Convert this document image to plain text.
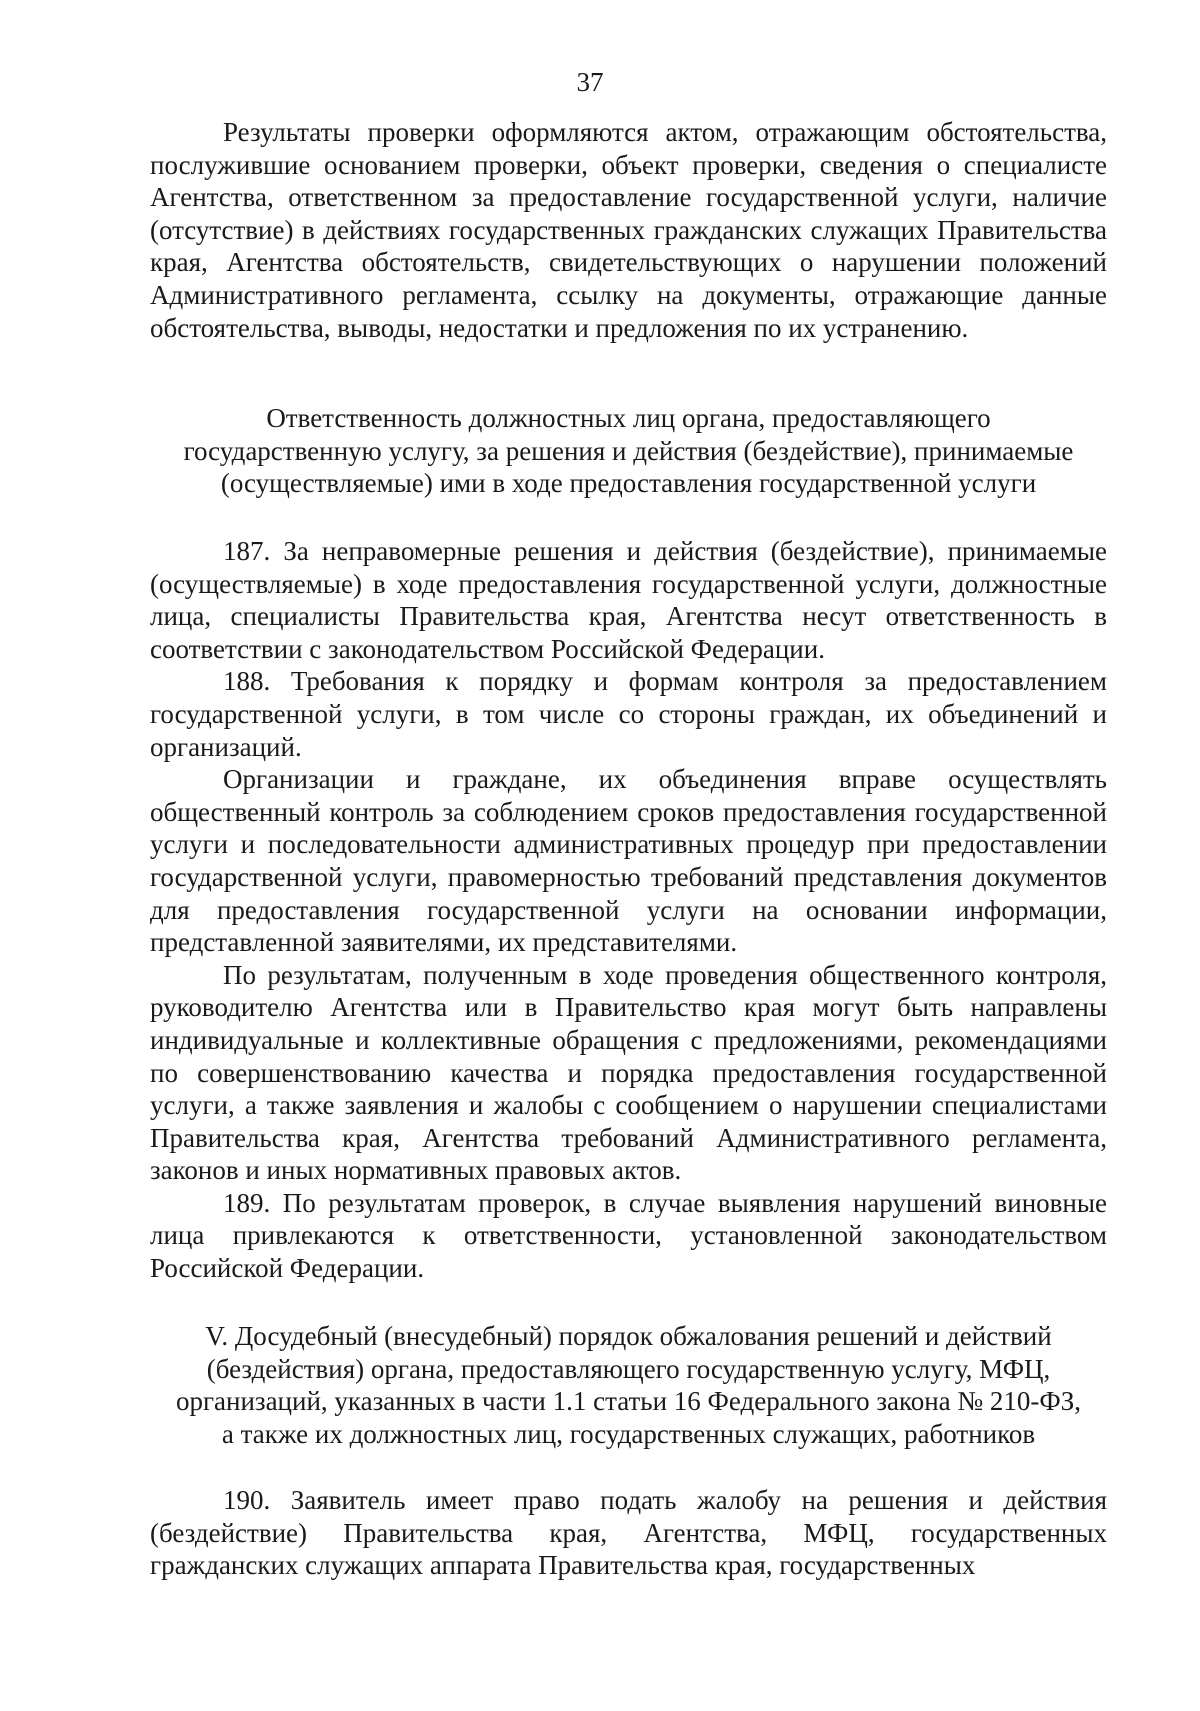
37

Результаты проверки оформляются актом, отражающим обстоятельства, послужившие основанием проверки, объект проверки, сведения о специалисте Агентства, ответственном за предоставление государственной услуги, наличие (отсутствие) в действиях государственных гражданских служащих Правительства края, Агентства обстоятельств, свидетельствующих о нарушении положений Административного регламента, ссылку на документы, отражающие данные обстоятельства, выводы, недостатки и предложения по их устранению.

Ответственность должностных лиц органа, предоставляющего
государственную услугу, за решения и действия (бездействие), принимаемые
(осуществляемые) ими в ходе предоставления государственной услуги

187. За неправомерные решения и действия (бездействие), принимаемые (осуществляемые) в ходе предоставления государственной услуги, должностные лица, специалисты Правительства края, Агентства несут ответственность в соответствии с законодательством Российской Федерации.

188. Требования к порядку и формам контроля за предоставлением государственной услуги, в том числе со стороны граждан, их объединений и организаций.

Организации и граждане, их объединения вправе осуществлять общественный контроль за соблюдением сроков предоставления государственной услуги и последовательности административных процедур при предоставлении государственной услуги, правомерностью требований представления документов для предоставления государственной услуги на основании информации, представленной заявителями, их представителями.

По результатам, полученным в ходе проведения общественного контроля, руководителю Агентства или в Правительство края могут быть направлены индивидуальные и коллективные обращения с предложениями, рекомендациями по совершенствованию качества и порядка предоставления государственной услуги, а также заявления и жалобы с сообщением о нарушении специалистами Правительства края, Агентства требований Административного регламента, законов и иных нормативных правовых актов.

189. По результатам проверок, в случае выявления нарушений виновные лица привлекаются к ответственности, установленной законодательством Российской Федерации.

V. Досудебный (внесудебный) порядок обжалования решений и действий
(бездействия) органа, предоставляющего государственную услугу, МФЦ,
организаций, указанных в части 1.1 статьи 16 Федерального закона № 210-ФЗ,
а также их должностных лиц, государственных служащих, работников

190. Заявитель имеет право подать жалобу на решения и действия (бездействие) Правительства края, Агентства, МФЦ, государственных гражданских служащих аппарата Правительства края, государственных
